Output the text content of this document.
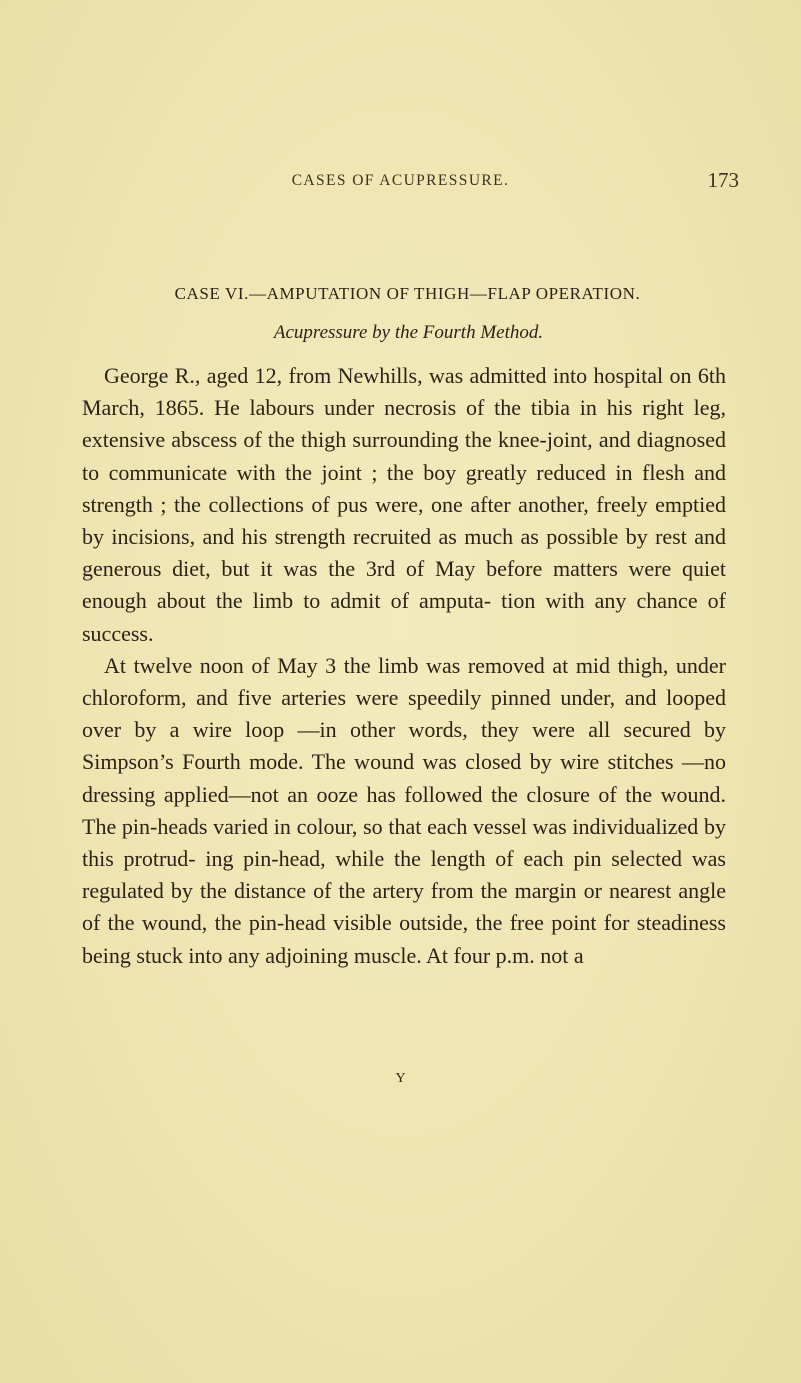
CASES OF ACUPRESSURE.	173
CASE VI.—AMPUTATION OF THIGH—FLAP OPERATION.
Acupressure by the Fourth Method.

George R., aged 12, from Newhills, was admitted into hospital on 6th March, 1865. He labours under necrosis of the tibia in his right leg, extensive abscess of the thigh surrounding the knee-joint, and diagnosed to communicate with the joint ; the boy greatly reduced in flesh and strength ; the collections of pus were, one after another, freely emptied by incisions, and his strength recruited as much as possible by rest and generous diet, but it was the 3rd of May before matters were quiet enough about the limb to admit of amputa- tion with any chance of success.

At twelve noon of May 3 the limb was removed at mid thigh, under chloroform, and five arteries were speedily pinned under, and looped over by a wire loop —in other words, they were all secured by Simpson’s Fourth mode. The wound was closed by wire stitches —no dressing applied—not an ooze has followed the closure of the wound. The pin-heads varied in colour, so that each vessel was individualized by this protrud- ing pin-head, while the length of each pin selected was regulated by the distance of the artery from the margin or nearest angle of the wound, the pin-head visible outside, the free point for steadiness being stuck into any adjoining muscle. At four p.m. not a

Y
